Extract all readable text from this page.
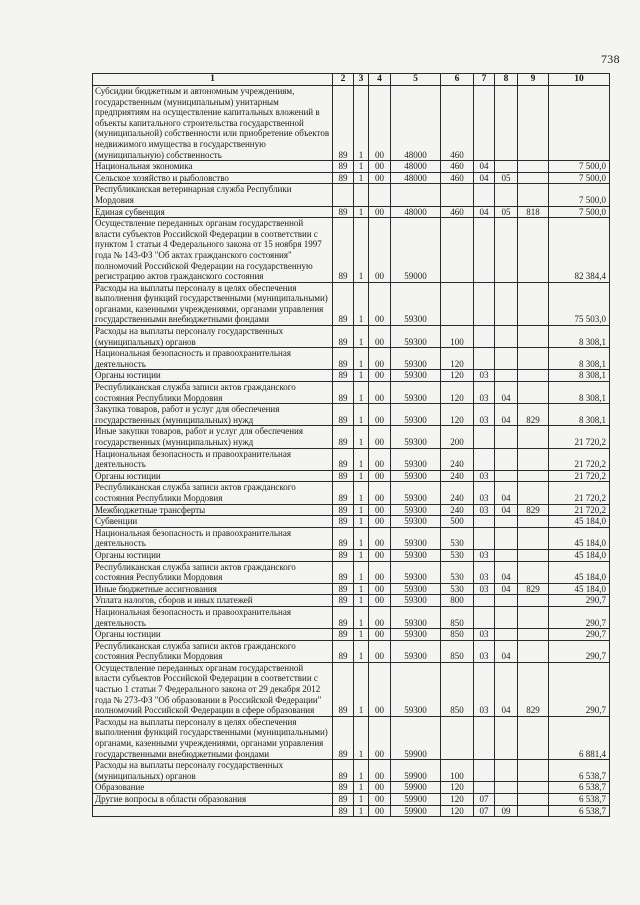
738
1	2	3	4	5	6	7	8	9	10
Субсидии бюджетным и автономным учреждениям, государственным (муниципальным) унитарным предприятиям на осуществление капитальных вложений в объекты капитального строительства государственной (муниципальной) собственности или приобретение объектов недвижимого имущества в государственную (муниципальную) собственность	89	1	00	48000	460				
Национальная экономика	89	1	00	48000	460	04			7 500,0
Сельское хозяйство и рыболовство	89	1	00	48000	460	04	05		7 500,0
Республиканская ветеринарная служба Республики Мордовия									7 500,0
Единая субвенция	89	1	00	48000	460	04	05	818	7 500,0
Осуществление переданных органам государственной власти субъектов Российской Федерации в соответствии с пунктом 1 статьи 4 Федерального закона от 15 ноября 1997 года № 143-ФЗ "Об актах гражданского состояния" полномочий Российской Федерации на государственную регистрацию актов гражданского состояния	89	1	00	59000					82 384,4
Расходы на выплаты персоналу в целях обеспечения выполнения функций государственными (муниципальными) органами, казенными учреждениями, органами управления государственными внебюджетными фондами	89	1	00	59300					75 503,0
Расходы на выплаты персоналу государственных (муниципальных) органов	89	1	00	59300	100				8 308,1
Национальная безопасность и правоохранительная деятельность	89	1	00	59300	120				8 308,1
Органы юстиции	89	1	00	59300	120	03			8 308,1
Республиканская служба записи актов гражданского состояния Республики Мордовия	89	1	00	59300	120	03	04		8 308,1
Закупка товаров, работ и услуг для обеспечения государственных (муниципальных) нужд	89	1	00	59300	120	03	04	829	8 308,1
Иные закупки товаров, работ и услуг для обеспечения государственных (муниципальных) нужд	89	1	00	59300	200				21 720,2
Национальная безопасность и правоохранительная деятельность	89	1	00	59300	240				21 720,2
Органы юстиции	89	1	00	59300	240	03			21 720,2
Республиканская служба записи актов гражданского состояния Республики Мордовия	89	1	00	59300	240	03	04		21 720,2
Межбюджетные трансферты	89	1	00	59300	240	03	04	829	21 720,2
Субвенции	89	1	00	59300	500				45 184,0
Национальная безопасность и правоохранительная деятельность	89	1	00	59300	530				45 184,0
Органы юстиции	89	1	00	59300	530	03			45 184,0
Республиканская служба записи актов гражданского состояния Республики Мордовия	89	1	00	59300	530	03	04		45 184,0
Иные бюджетные ассигнования	89	1	00	59300	530	03	04	829	45 184,0
Уплата налогов, сборов и иных платежей	89	1	00	59300	800				290,7
Национальная безопасность и правоохранительная деятельность	89	1	00	59300	850				290,7
Органы юстиции	89	1	00	59300	850	03			290,7
Республиканская служба записи актов гражданского состояния Республики Мордовия	89	1	00	59300	850	03	04		290,7
Осуществление переданных органам государственной власти субъектов Российской Федерации в соответствии с частью 1 статьи 7 Федерального закона от 29 декабря 2012 года № 273-ФЗ "Об образовании в Российской Федерации" полномочий Российской Федерации в сфере образования	89	1	00	59300	850	03	04	829	290,7
Расходы на выплаты персоналу в целях обеспечения выполнения функций государственными (муниципальными) органами, казенными учреждениями, органами управления государственными внебюджетными фондами	89	1	00	59900					6 881,4
Расходы на выплаты персоналу государственных (муниципальных) органов	89	1	00	59900	100				6 538,7
Образование	89	1	00	59900	120				6 538,7
Другие вопросы в области образования	89	1	00	59900	120	07			6 538,7
	89	1	00	59900	120	07	09		6 538,7
